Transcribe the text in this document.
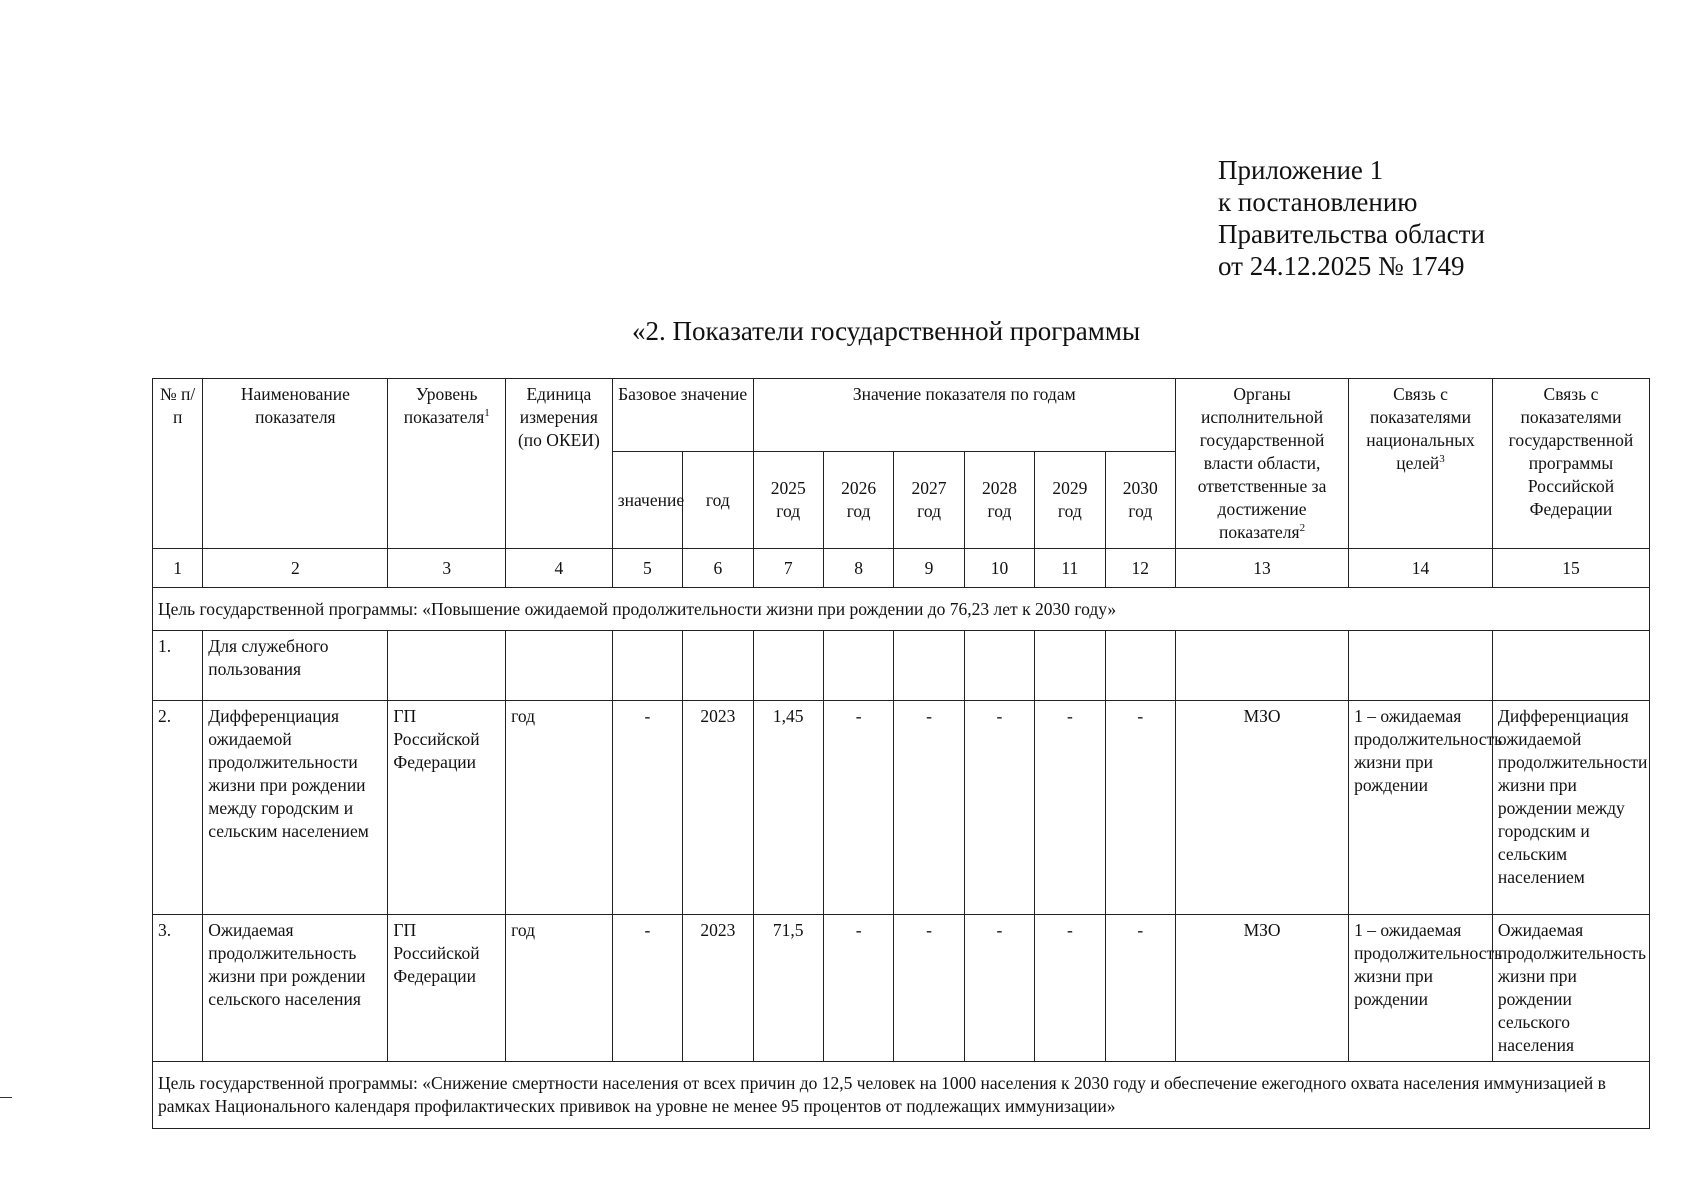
Приложение 1
к постановлению
Правительства области
от 24.12.2025 № 1749
«2. Показатели государственной программы
№ п/п	Наименование показателя	Уровень показателя$^1$	Единица измерения (по ОКЕИ)	Базовое значение		Значение показателя по годам						Органы исполнительной государственной власти области, ответственные за достижение показателя$^2$	Связь с показателями национальных целей$^3$	Связь с показателями государственной программы Российской Федерации
				значение	год	2025 год	2026 год	2027 год	2028 год	2029 год	2030 год			
1	2	3	4	5	6	7	8	9	10	11	12	13	14	15
Цель государственной программы: «Повышение ожидаемой продолжительности жизни при рождении до 76,23 лет к 2030 году»														
1.	Для служебного пользования													
2.	Дифференциация ожидаемой продолжительности жизни при рождении между городским и сельским населением	ГП Российской Федерации	год	-	2023	1,45	-	-	-	-	-	МЗО	1 – ожидаемая продолжительность жизни при рождении	Дифференциация ожидаемой продолжительности жизни при рождении между городским и сельским населением
3.	Ожидаемая продолжительность жизни при рождении сельского населения	ГП Российской Федерации	год	-	2023	71,5	-	-	-	-	-	МЗО	1 – ожидаемая продолжительность жизни при рождении	Ожидаемая продолжительность жизни при рождении сельского населения
Цель государственной программы: «Снижение смертности населения от всех причин до 12,5 человек на 1000 населения к 2030 году и обеспечение ежегодного охвата населения иммунизацией в рамках Национального календаря профилактических прививок на уровне не менее 95 процентов от подлежащих иммунизации»														
